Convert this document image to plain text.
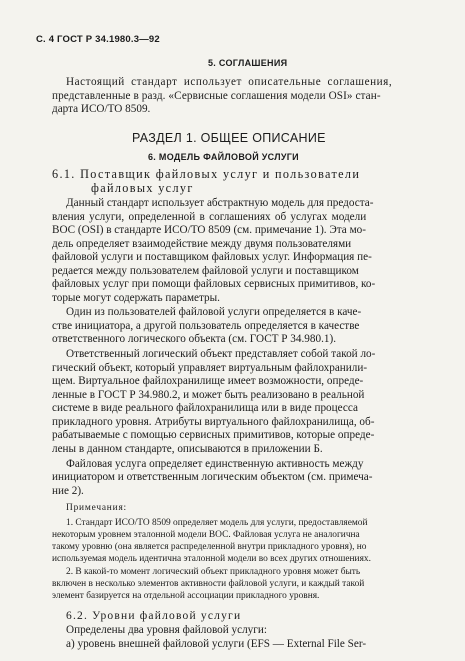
С. 4 ГОСТ Р 34.1980.3—92
5. СОГЛАШЕНИЯ
Настоящий стандарт использует описательные соглашения,
представленные в разд. «Сервисные соглашения модели OSI» стан-
дарта ИСО/ТО 8509.
РАЗДЕЛ 1. ОБЩЕЕ ОПИСАНИЕ
6. МОДЕЛЬ ФАЙЛОВОЙ УСЛУГИ
6.1. Поставщик файловых услуг и пользователи
файловых услуг
Данный стандарт использует абстрактную модель для предоста-
вления услуги, определенной в соглашениях об услугах модели
ВОС (OSI) в стандарте ИСО/ТО 8509 (см. примечание 1). Эта мо-
дель определяет взаимодействие между двумя пользователями
файловой услуги и поставщиком файловых услуг. Информация пе-
редается между пользователем файловой услуги и поставщиком
файловых услуг при помощи файловых сервисных примитивов, ко-
торые могут содержать параметры.
Один из пользователей файловой услуги определяется в каче-
стве инициатора, а другой пользователь определяется в качестве
ответственного логического объекта (см. ГОСТ Р 34.980.1).
Ответственный логический объект представляет собой такой ло-
гический объект, который управляет виртуальным файлохранили-
щем. Виртуальное файлохранилище имеет возможности, опреде-
ленные в ГОСТ Р 34.980.2, и может быть реализовано в реальной
системе в виде реального файлохранилища или в виде процесса
прикладного уровня. Атрибуты виртуального файлохранилища, об-
рабатываемые с помощью сервисных примитивов, которые опреде-
лены в данном стандарте, описываются в приложении Б.
Файловая услуга определяет единственную активность между
инициатором и ответственным логическим объектом (см. примеча-
ние 2).
Примечания:
1. Стандарт ИСО/ТО 8509 определяет модель для услуги, предоставляемой
некоторым уровнем эталонной модели ВОС. Файловая услуга не аналогична
такому уровню (она является распределенной внутри прикладного уровня), но
используемая модель идентична эталонной модели во всех других отношениях.
2. В какой-то момент логический объект прикладного уровня может быть
включен в несколько элементов активности файловой услуги, и каждый такой
элемент базируется на отдельной ассоциации прикладного уровня.
6.2. Уровни файловой услуги
Определены два уровня файловой услуги:
а) уровень внешней файловой услуги (EFS — External File Ser-
